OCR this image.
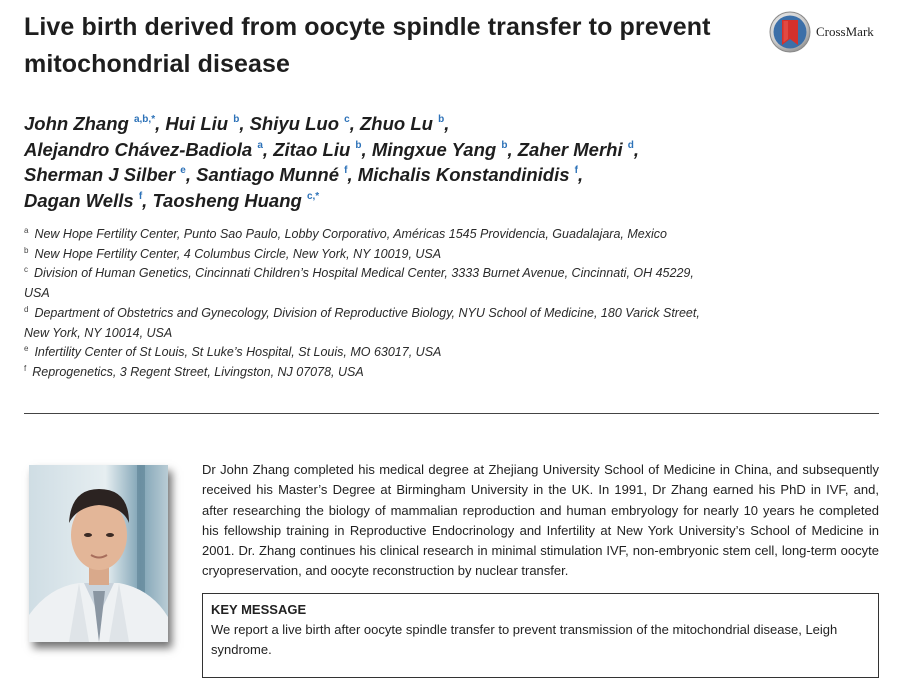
Live birth derived from oocyte spindle transfer to prevent mitochondrial disease
CrossMark
John Zhang $^{a,b,*}$, Hui Liu $^b$, Shiyu Luo $^c$, Zhuo Lu $^b$,
Alejandro Chávez-Badiola $^a$, Zitao Liu $^b$, Mingxue Yang $^b$, Zaher Merhi $^d$,
Sherman J Silber $^e$, Santiago Munné $^f$, Michalis Konstandinidis $^f$,
Dagan Wells $^f$, Taosheng Huang $^{c,*}$

$^a$ New Hope Fertility Center, Punto Sao Paulo, Lobby Corporativo, Américas 1545 Providencia, Guadalajara, Mexico

$^b$ New Hope Fertility Center, 4 Columbus Circle, New York, NY 10019, USA

$^c$ Division of Human Genetics, Cincinnati Children’s Hospital Medical Center, 3333 Burnet Avenue, Cincinnati, OH 45229, USA

$^d$ Department of Obstetrics and Gynecology, Division of Reproductive Biology, NYU School of Medicine, 180 Varick Street, New York, NY 10014, USA

$^e$ Infertility Center of St Louis, St Luke’s Hospital, St Louis, MO 63017, USA

$^f$ Reprogenetics, 3 Regent Street, Livingston, NJ 07078, USA

Dr John Zhang completed his medical degree at Zhejiang University School of Medicine in China, and subsequently received his Master’s Degree at Birmingham University in the UK. In 1991, Dr Zhang earned his PhD in IVF, and, after researching the biology of mammalian reproduction and human embryology for nearly 10 years he completed his fellowship training in Reproductive Endocrinology and Infertility at New York University’s School of Medicine in 2001. Dr. Zhang continues his clinical research in minimal stimulation IVF, non-embryonic stem cell, long-term oocyte cryopreservation, and oocyte reconstruction by nuclear transfer.

KEY MESSAGE
We report a live birth after oocyte spindle transfer to prevent transmission of the mitochondrial disease, Leigh syndrome.
